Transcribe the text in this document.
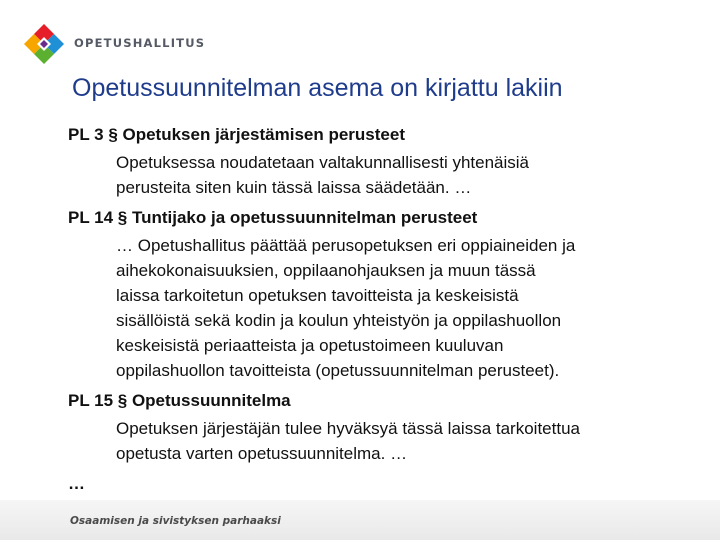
OPETUSHALLITUS
Opetussuunnitelman asema on kirjattu lakiin
PL 3 § Opetuksen järjestämisen perusteet
Opetuksessa noudatetaan valtakunnallisesti yhtenäisiä
perusteita siten kuin tässä laissa säädetään. …
PL 14 § Tuntijako ja opetussuunnitelman perusteet
… Opetushallitus päättää perusopetuksen eri oppiaineiden ja
aihekokonaisuuksien, oppilaanohjauksen ja muun tässä
laissa tarkoitetun opetuksen tavoitteista ja keskeisistä
sisällöistä sekä kodin ja koulun yhteistyön ja oppilashuollon
keskeisistä periaatteista ja opetustoimeen kuuluvan
oppilashuollon tavoitteista (opetussuunnitelman perusteet).
PL 15 § Opetussuunnitelma
Opetuksen järjestäjän tulee hyväksyä tässä laissa tarkoitettua
opetusta varten opetussuunnitelma. …
…
Osaamisen ja sivistyksen parhaaksi
